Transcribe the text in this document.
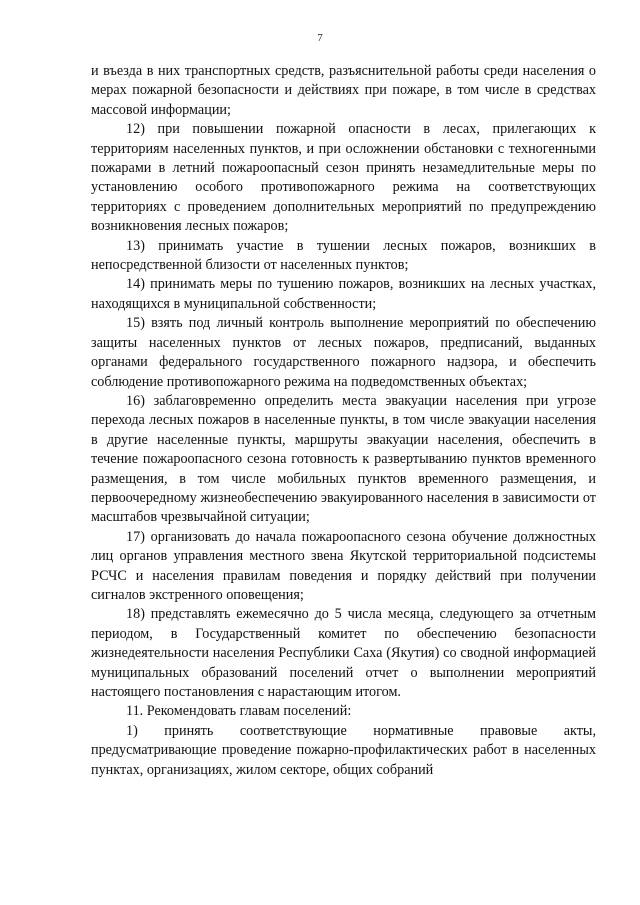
7

и въезда в них транспортных средств, разъяснительной работы среди населения о мерах пожарной безопасности и действиях при пожаре, в том числе в средствах массовой информации;

12) при повышении пожарной опасности в лесах, прилегающих к территориям населенных пунктов, и при осложнении обстановки с техногенными пожарами в летний пожароопасный сезон принять незамедлительные меры по установлению особого противопожарного режима на соответствующих территориях с проведением дополнительных мероприятий по предупреждению возникновения лесных пожаров;

13) принимать участие в тушении лесных пожаров, возникших в непосредственной близости от населенных пунктов;

14) принимать меры по тушению пожаров, возникших на лесных участках, находящихся в муниципальной собственности;

15) взять под личный контроль выполнение мероприятий по обеспечению защиты населенных пунктов от лесных пожаров, предписаний, выданных органами федерального государственного пожарного надзора, и обеспечить соблюдение противопожарного режима на подведомственных объектах;

16) заблаговременно определить места эвакуации населения при угрозе перехода лесных пожаров в населенные пункты, в том числе эвакуации населения в другие населенные пункты, маршруты эвакуации населения, обеспечить в течение пожароопасного сезона готовность к развертыванию пунктов временного размещения, в том числе мобильных пунктов временного размещения, и первоочередному жизнеобеспечению эвакуированного населения в зависимости от масштабов чрезвычайной ситуации;

17) организовать до начала пожароопасного сезона обучение должностных лиц органов управления местного звена Якутской территориальной подсистемы РСЧС и населения правилам поведения и порядку действий при получении сигналов экстренного оповещения;

18) представлять ежемесячно до 5 числа месяца, следующего за отчетным периодом, в Государственный комитет по обеспечению безопасности жизнедеятельности населения Республики Саха (Якутия) со сводной информацией муниципальных образований поселений отчет о выполнении мероприятий настоящего постановления с нарастающим итогом.

11. Рекомендовать главам поселений:

1) принять соответствующие нормативные правовые акты, предусматривающие проведение пожарно-профилактических работ в населенных пунктах, организациях, жилом секторе, общих собраний
